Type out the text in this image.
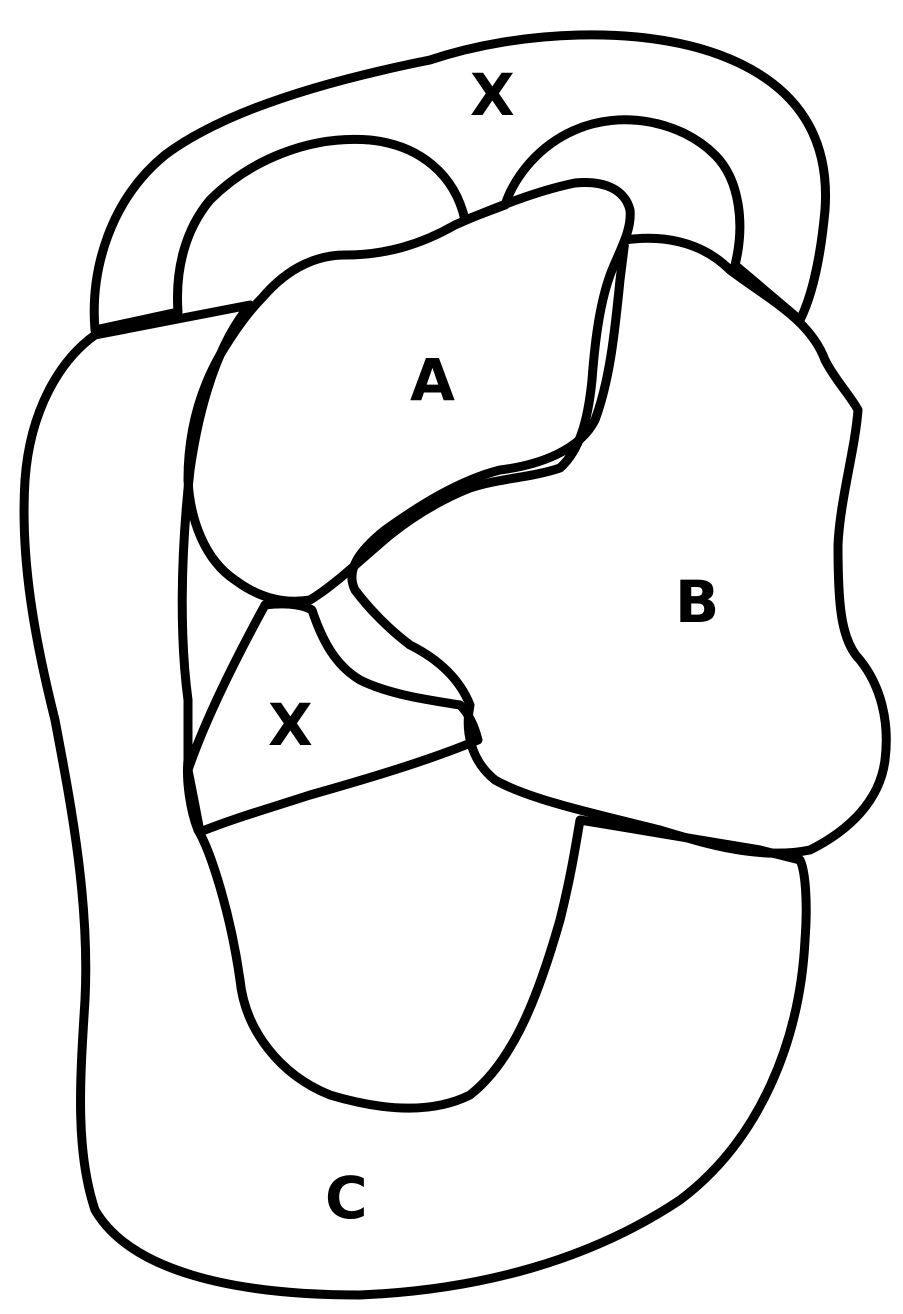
X
C
B
A
X
